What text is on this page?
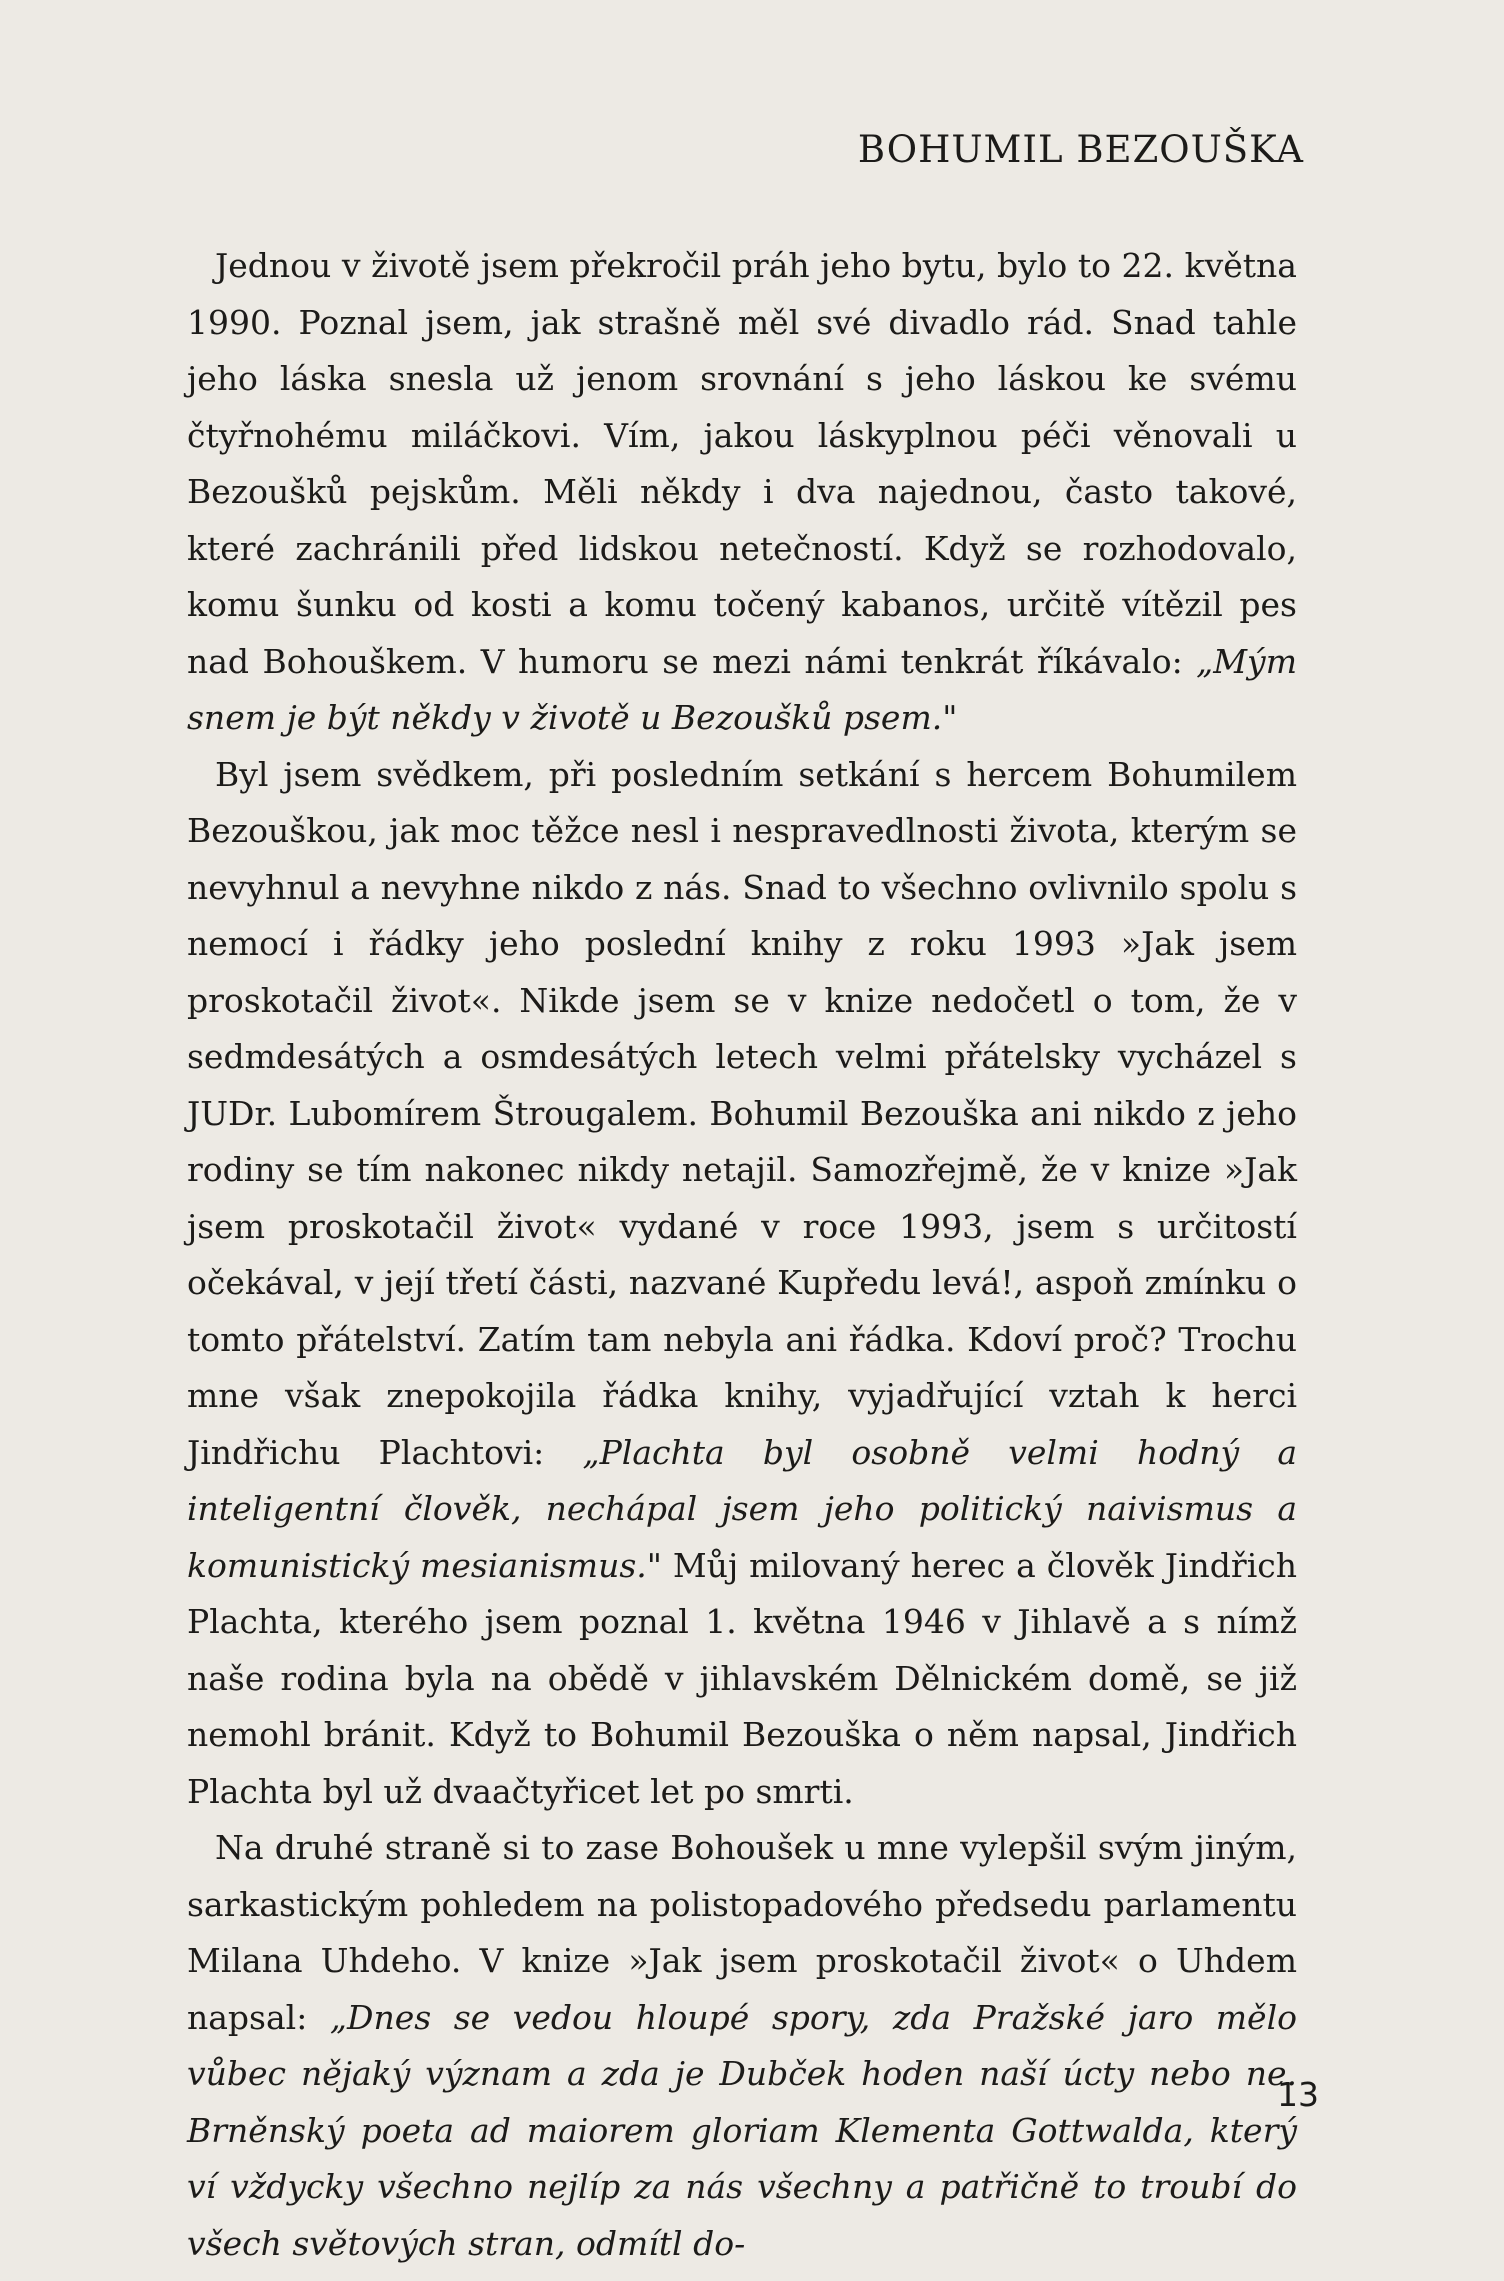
BOHUMIL BEZOUŠKA

Jednou v životě jsem překročil práh jeho bytu, bylo to 22. května 1990. Poznal jsem, jak strašně měl své divadlo rád. Snad tahle jeho láska snesla už jenom srovnání s jeho láskou ke svému čtyřnohému miláčkovi. Vím, jakou láskyplnou péči věnovali u Bezoušků pejskům. Měli někdy i dva najednou, často takové, které zachránili před lidskou netečností. Když se rozhodovalo, komu šunku od kosti a komu točený kabanos, určitě vítězil pes nad Bohouškem. V humoru se mezi námi tenkrát říkávalo: „Mým snem je být někdy v životě u Bezoušků psem."

Byl jsem svědkem, při posledním setkání s hercem Bohumilem Bezouškou, jak moc těžce nesl i nespravedlnosti života, kterým se nevyhnul a nevyhne nikdo z nás. Snad to všechno ovlivnilo spolu s nemocí i řádky jeho poslední knihy z roku 1993 »Jak jsem proskotačil život«. Nikde jsem se v knize nedočetl o tom, že v sedmdesátých a osmdesátých letech velmi přátelsky vycházel s JUDr. Lubomírem Štrougalem. Bohumil Bezouška ani nikdo z jeho rodiny se tím nakonec nikdy netajil. Samozřejmě, že v knize »Jak jsem proskotačil život« vydané v roce 1993, jsem s určitostí očekával, v její třetí části, nazvané Kupředu levá!, aspoň zmínku o tomto přátelství. Zatím tam nebyla ani řádka. Kdoví proč? Trochu mne však znepokojila řádka knihy, vyjadřující vztah k herci Jindřichu Plachtovi: „Plachta byl osobně velmi hodný a inteligentní člověk, nechápal jsem jeho politický naivismus a komunistický mesianismus." Můj milovaný herec a člověk Jindřich Plachta, kterého jsem poznal 1. května 1946 v Jihlavě a s nímž naše rodina byla na obědě v jihlavském Dělnickém domě, se již nemohl bránit. Když to Bohumil Bezouška o něm napsal, Jindřich Plachta byl už dvaačtyřicet let po smrti.

Na druhé straně si to zase Bohoušek u mne vylepšil svým jiným, sarkastickým pohledem na polistopadového předsedu parlamentu Milana Uhdeho. V knize »Jak jsem proskotačil život« o Uhdem napsal: „Dnes se vedou hloupé spory, zda Pražské jaro mělo vůbec nějaký význam a zda je Dubček hoden naší úcty nebo ne. Brněnský poeta ad maiorem gloriam Klementa Gottwalda, který ví vždycky všechno nejlíp za nás všechny a patřičně to troubí do všech světových stran, odmítl do-

13
